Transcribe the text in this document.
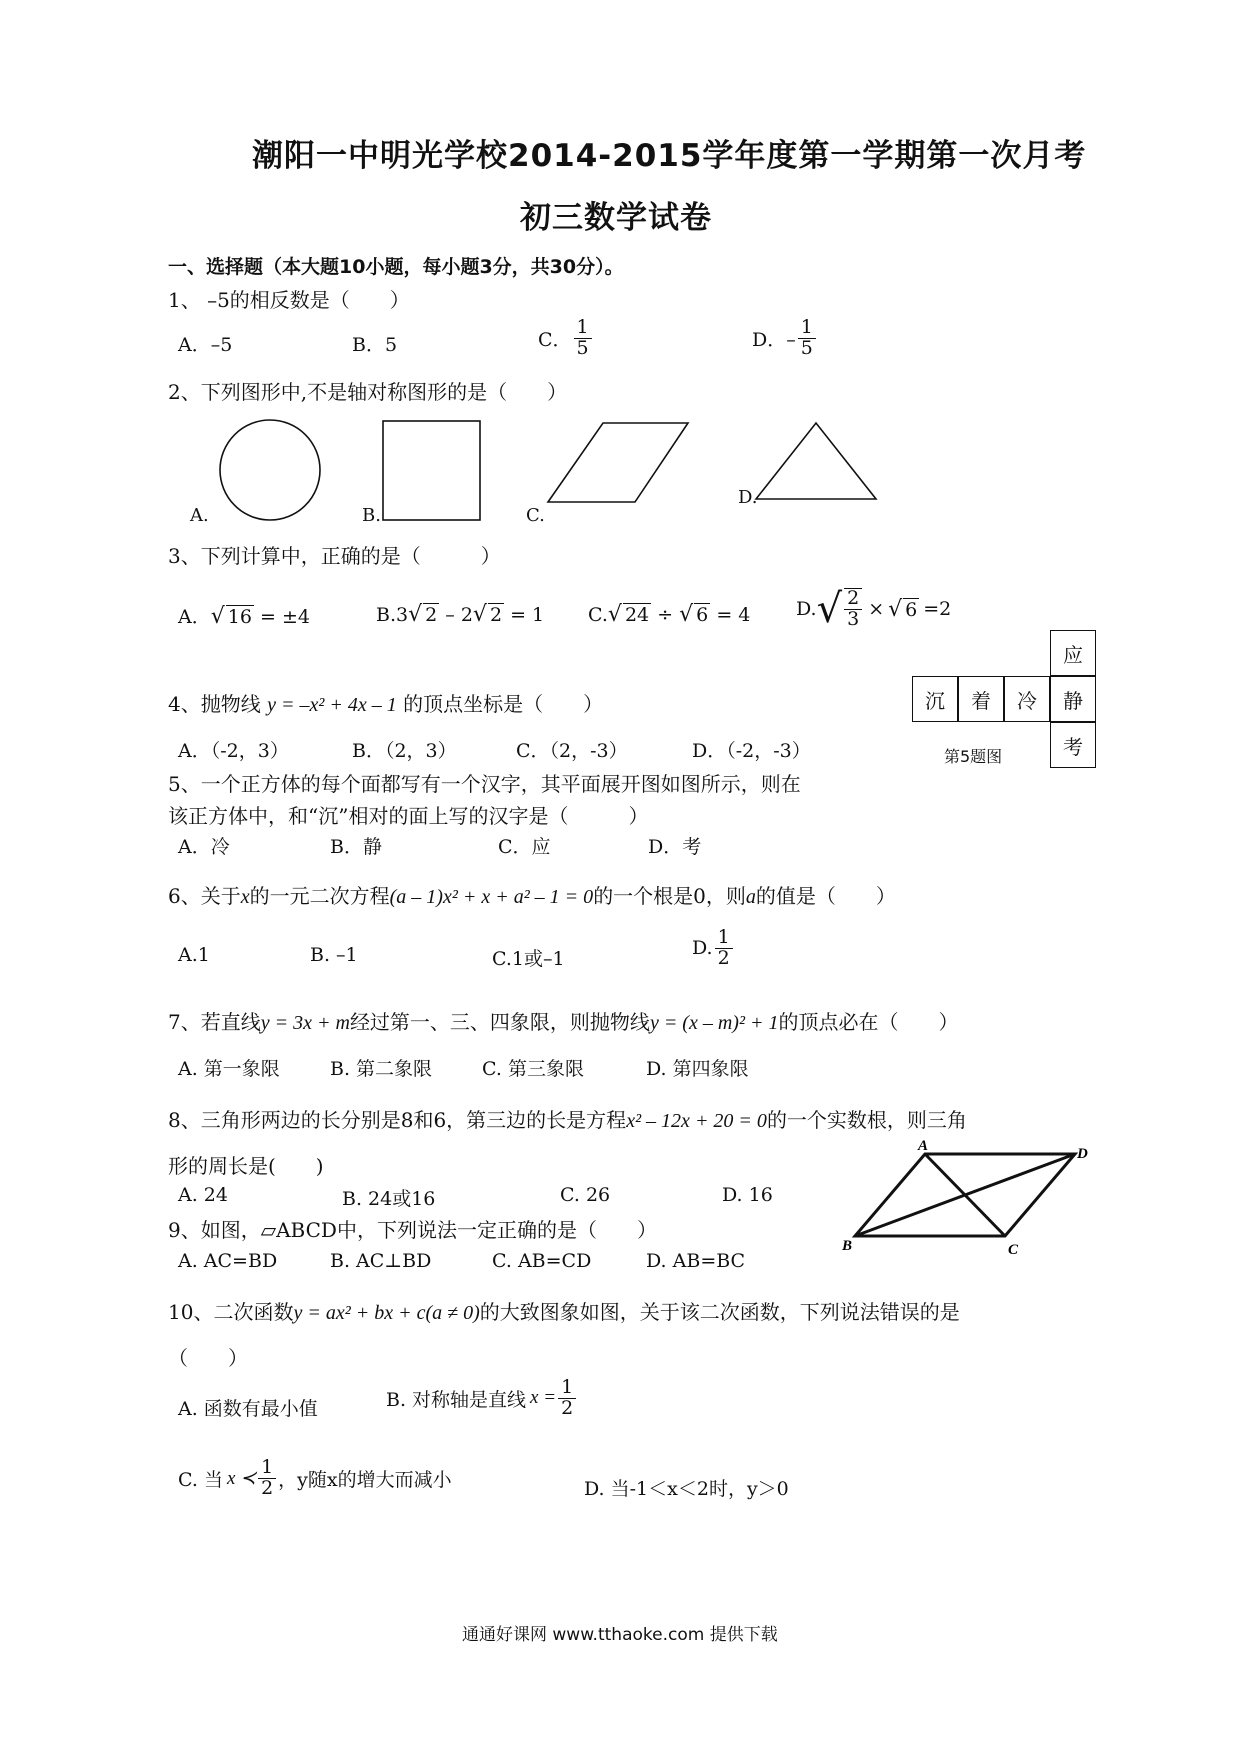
潮阳一中明光学校2014-2015学年度第一学期第一次月考
初三数学试卷
一、选择题（本大题10小题，每小题3分，共30分）。
1、 –5的相反数是（　　）
A．–5	B．5	C． $\frac{1}{5}$	D．– $\frac{1}{5}$
2、下列图形中,不是轴对称图形的是（　　）
A.	B.	C.
D.
3、下列计算中，正确的是（　　　）
A．√ 16 = ±4	B.3√ 2 – 2√ 2 = 1 C.√ 24 ÷ √ 6 = 4 D. √ $\frac{2}{3}$ × √ 6 =2
应
沉	着	冷	静
考
第5题图
4、抛物线 y = –x² + 4x – 1 的顶点坐标是（　　）
A．（-2，3）	B．（2，3）	C．（2，-3）	D．（-2，-3）
5、一个正方体的每个面都写有一个汉字，其平面展开图如图所示，则在
该正方体中，和“沉”相对的面上写的汉字是（　　　）
A．冷	B．静	C．应	D．考
6、关于x的一元二次方程(a – 1)x² + x + a² – 1 = 0的一个根是0，则a的值是（　　）
A.1	B. –1	C.1或–1	D. $\frac{1}{2}$
7、若直线y = 3x + m经过第一、三、四象限，则抛物线y = (x – m)² + 1的顶点必在（　　）
A. 第一象限	B. 第二象限	C. 第三象限	D. 第四象限
8、三角形两边的长分别是8和6，第三边的长是方程x² – 12x + 20 = 0的一个实数根，则三角
形的周长是(　　)
A. 24	B. 24或16	C. 26	D. 16
A	D
B	C
9、如图，▱ABCD中，下列说法一定正确的是（　　）
A. AC=BD	B. AC⊥BD	C. AB=CD	D. AB=BC
10、二次函数y = ax² + bx + c(a ≠ 0)的大致图象如图，关于该二次函数，下列说法错误的是
（　　）
A. 函数有最小值	B. 对称轴是直线 $x = \frac{1}{2}$
C. 当 x ≺ $\frac{1}{2}$ ，y随x的增大而减小	D. 当-1＜x＜2时，y＞0
通通好课网 www.tthaoke.com 提供下载
